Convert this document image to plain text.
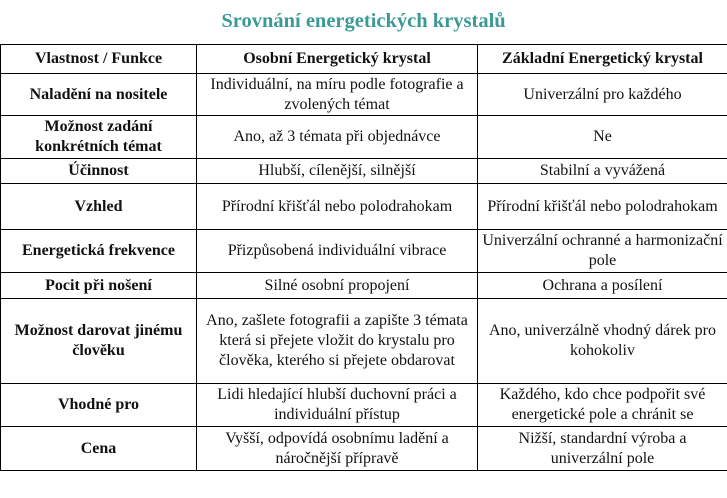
Srovnání energetických krystalů
Vlastnost / Funkce	Osobní Energetický krystal	Základní Energetický krystal
Naladění na nositele	Individuální, na míru podle fotografie a zvolených témat	Univerzální pro každého
Možnost zadání konkrétních témat	Ano, až 3 témata při objednávce	Ne
Účinnost	Hlubší, cílenější, silnější	Stabilní a vyvážená
Vzhled	Přírodní křišťál nebo polodrahokam	Přírodní křišťál nebo polodrahokam
Energetická frekvence	Přizpůsobená individuální vibrace	Univerzální ochranné a harmonizační pole
Pocit při nošení	Silné osobní propojení	Ochrana a posílení
Možnost darovat jinému člověku	Ano, zašlete fotografii a zapište 3 témata která si přejete vložit do krystalu pro člověka, kterého si přejete obdarovat	Ano, univerzálně vhodný dárek pro kohokoliv
Vhodné pro	Lidi hledající hlubší duchovní práci a individuální přístup	Každého, kdo chce podpořit své energetické pole a chránit se
Cena	Vyšší, odpovídá osobnímu ladění a náročnější přípravě	Nižší, standardní výroba a univerzální pole
